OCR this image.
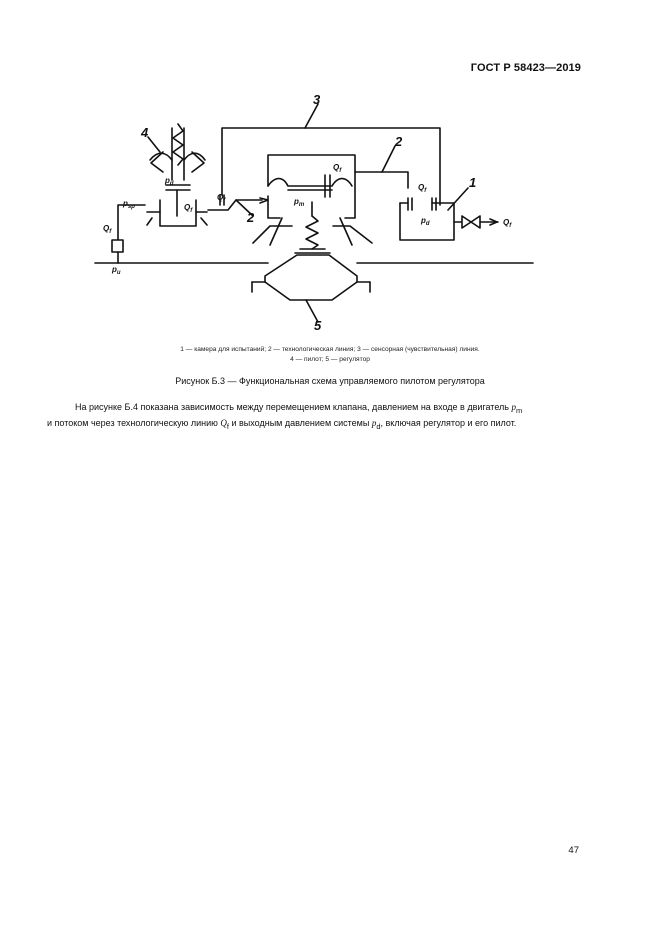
ГОСТ Р 58423—2019
3
2
1
2
4
5
$p_d$
$p_m$
$p_u$
$p_{sp}$
$p_d$
$Q_f$
$Q_f$
$Q_f$
$Q_f$
$Q_f$
$Q_f$
1 — камера для испытаний; 2 — технологическая линия; 3 — сенсорная (чувствительная) линия.
4 — пилот; 5 — регулятор
Рисунок Б.3 — Функциональная схема управляемого пилотом регулятора

На рисунке Б.4 показана зависимость между перемещением клапана, давлением на входе в двигатель $p_m$

и потоком через технологическую линию $Q_f$ и выходным давлением системы $p_d$, включая регулятор и его пилот.

47
